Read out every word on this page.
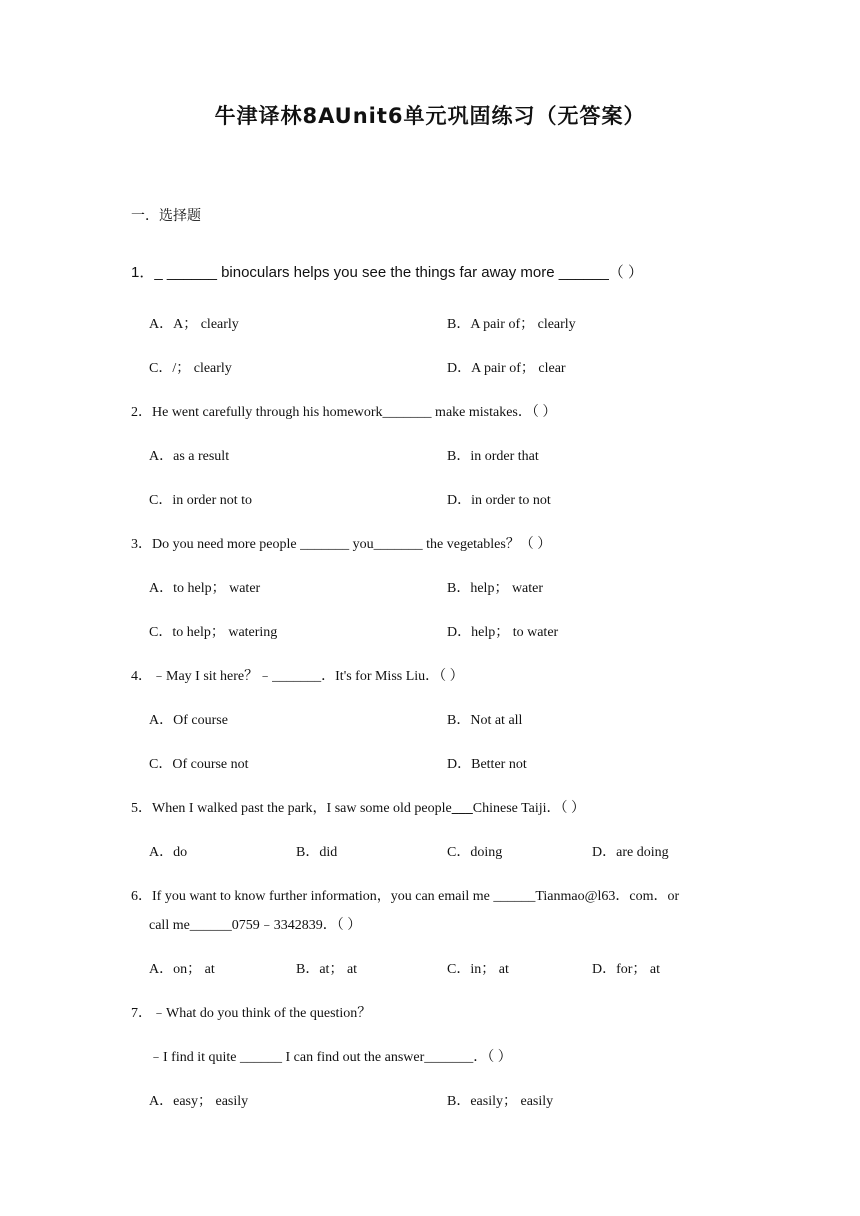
牛津译林8AUnit6单元巩固练习（无答案）
一．选择题
1．_ ______ binoculars helps you see the things far away more ______（ ）
A．A； clearly	B．A pair of； clearly
C．/； clearly	D．A pair of； clear
2．He went carefully through his homework_______ make mistakes．（ ）
A．as a result	B．in order that
C．in order not to	D．in order to not
3．Do you need more people _______ you_______ the vegetables？（ ）
A．to help； water	B．help； water
C．to help； watering	D．help； to water
4．﹣May I sit here？﹣_______．It's for Miss Liu．（ ）
A．Of course	B．Not at all
C．Of course not	D．Better not
5．When I walked past the park，I saw some old people___Chinese Taiji．（ ）
A．do	B．did	C．doing	D．are doing
6．If you want to know further information，you can email me ______Tianmao@l63．com．or
call me______0759﹣3342839．（ ）
A．on； at	B．at； at	C．in； at	D．for； at
7．﹣What do you think of the question？
﹣I find it quite ______ I can find out the answer_______．（ ）
A．easy； easily	B．easily； easily
